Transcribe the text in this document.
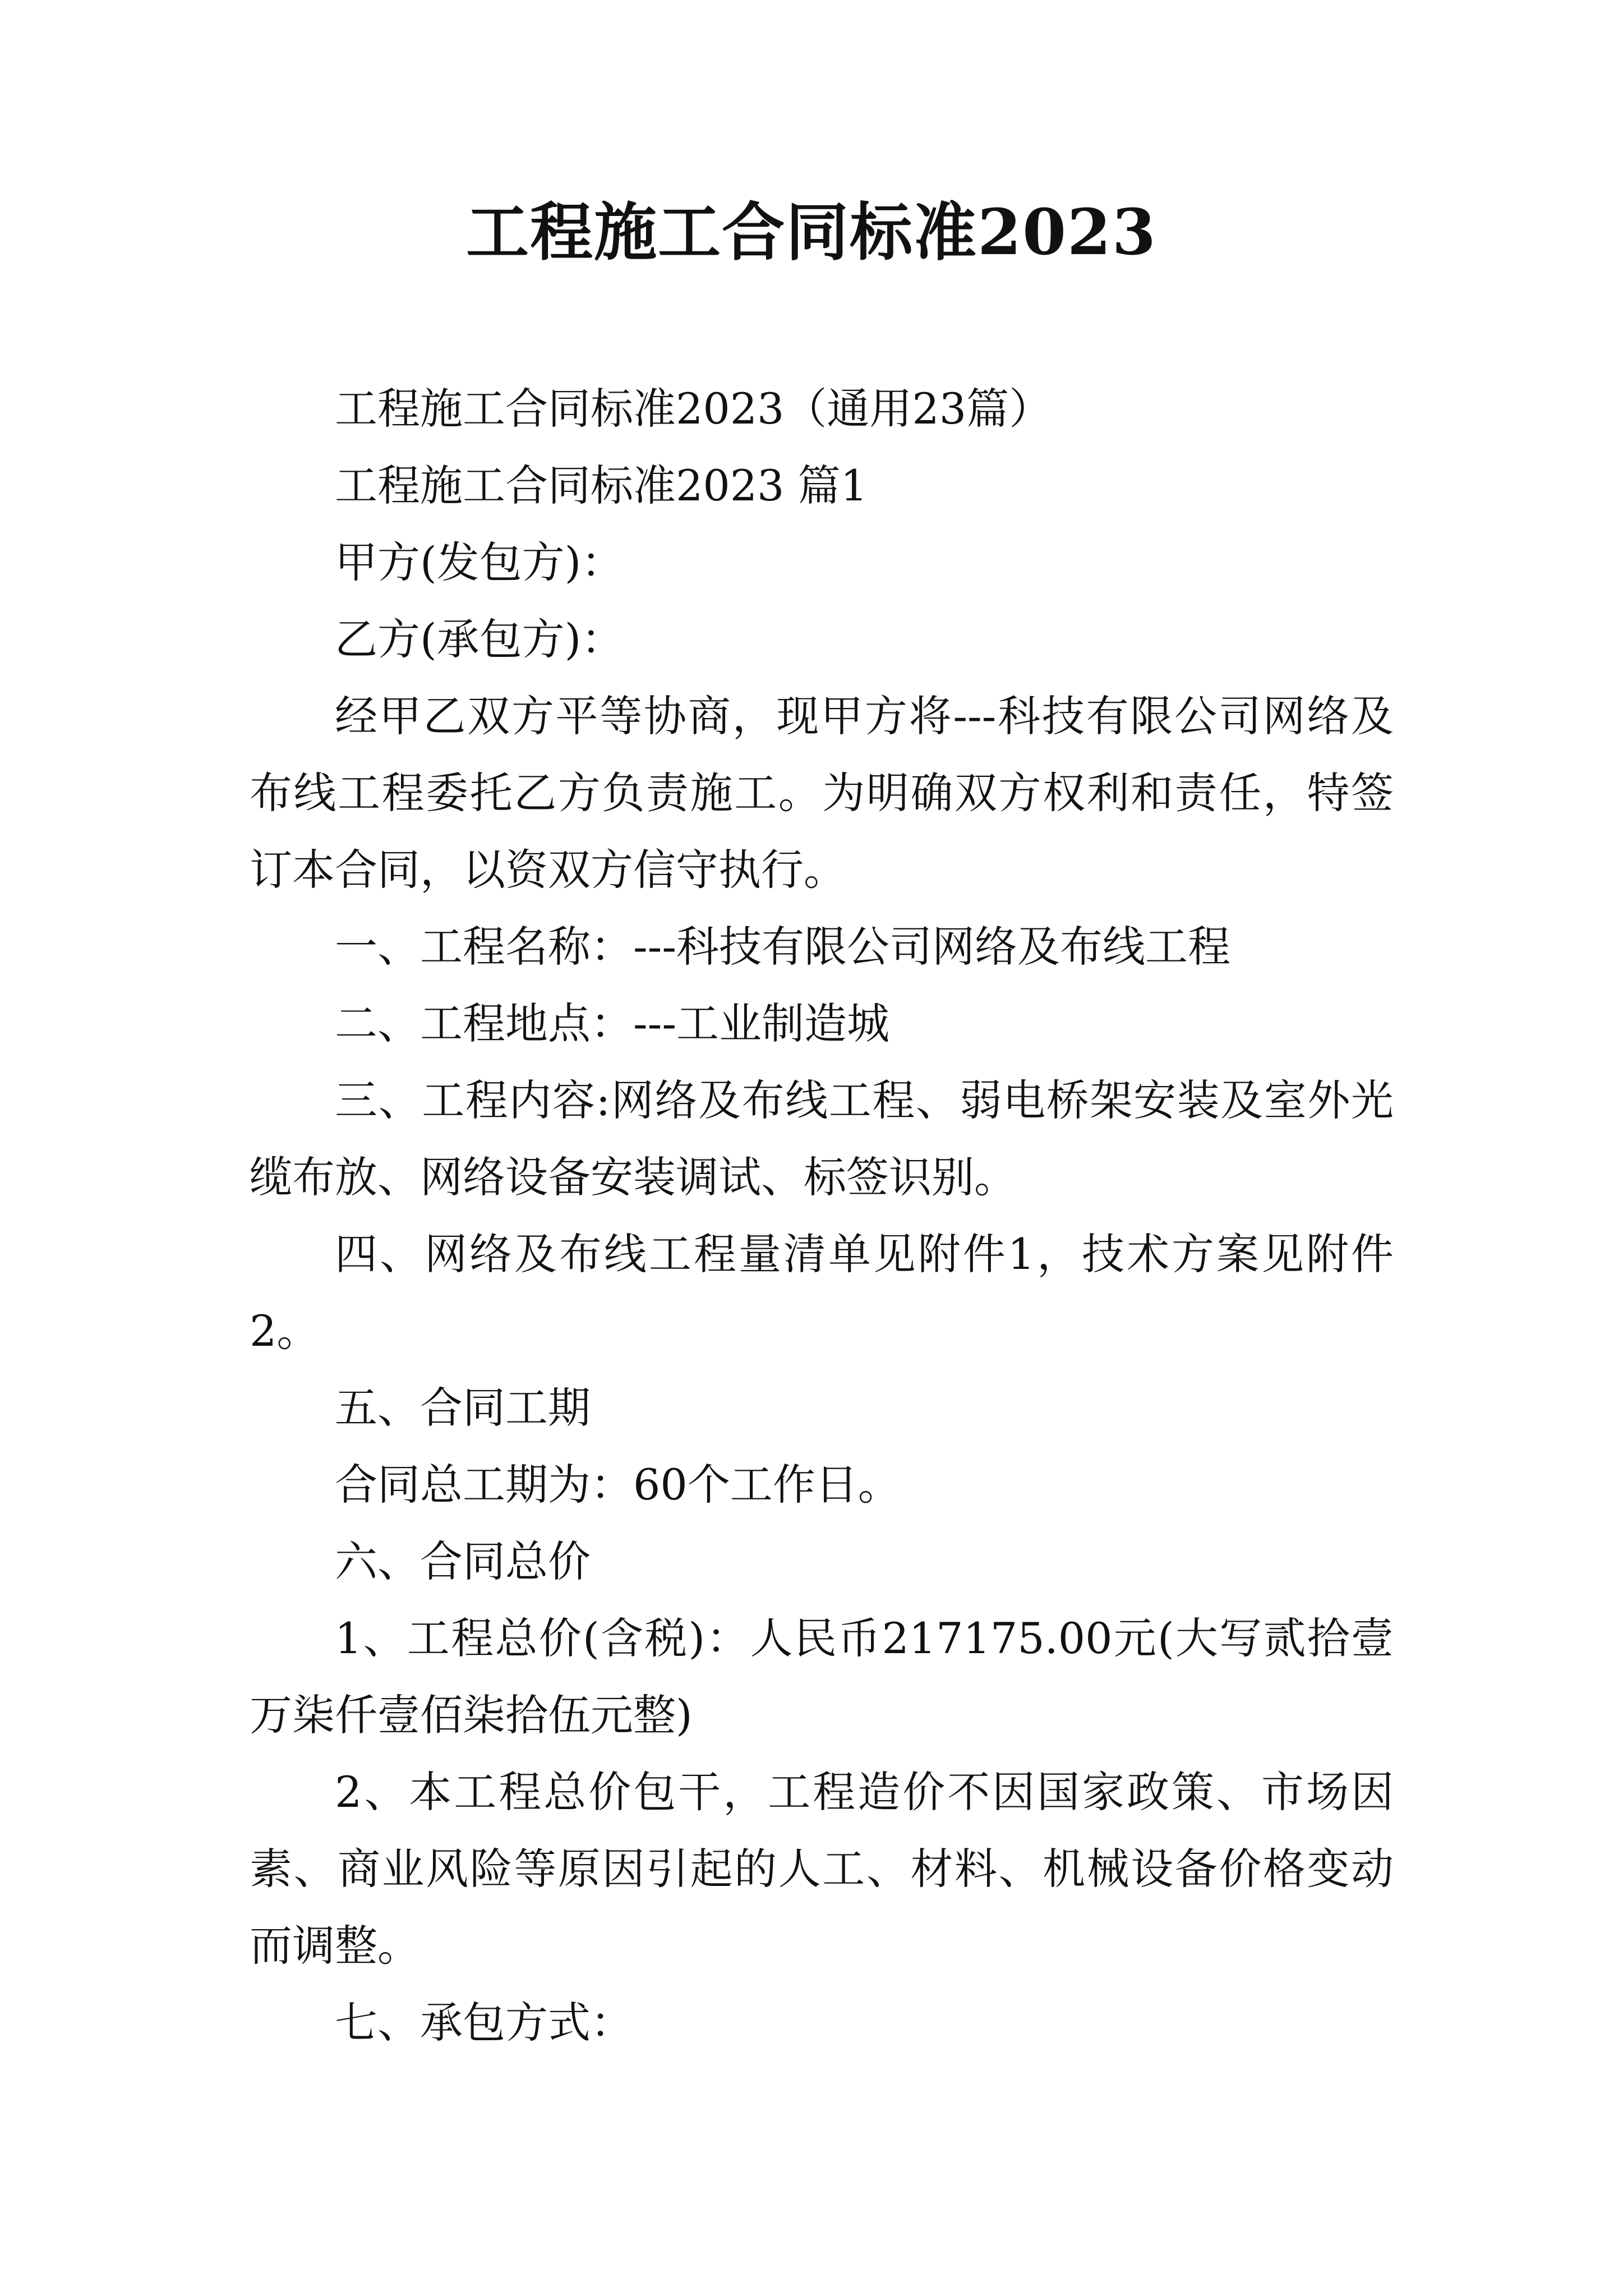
工程施工合同标准2023

工程施工合同标准2023（通用23篇）

工程施工合同标准2023 篇1

甲方(发包方)：

乙方(承包方)：

经甲乙双方平等协商，现甲方将---科技有限公司网络及布线工程委托乙方负责施工。为明确双方权利和责任，特签订本合同，以资双方信守执行。

一、工程名称：---科技有限公司网络及布线工程

二、工程地点：---工业制造城

三、工程内容:网络及布线工程、弱电桥架安装及室外光缆布放、网络设备安装调试、标签识别。

四、网络及布线工程量清单见附件1，技术方案见附件2。

五、合同工期

合同总工期为：60个工作日。

六、合同总价

1、工程总价(含税)：人民币217175.00元(大写贰拾壹万柒仟壹佰柒拾伍元整)

2、本工程总价包干，工程造价不因国家政策、市场因素、商业风险等原因引起的人工、材料、机械设备价格变动而调整。

七、承包方式：
